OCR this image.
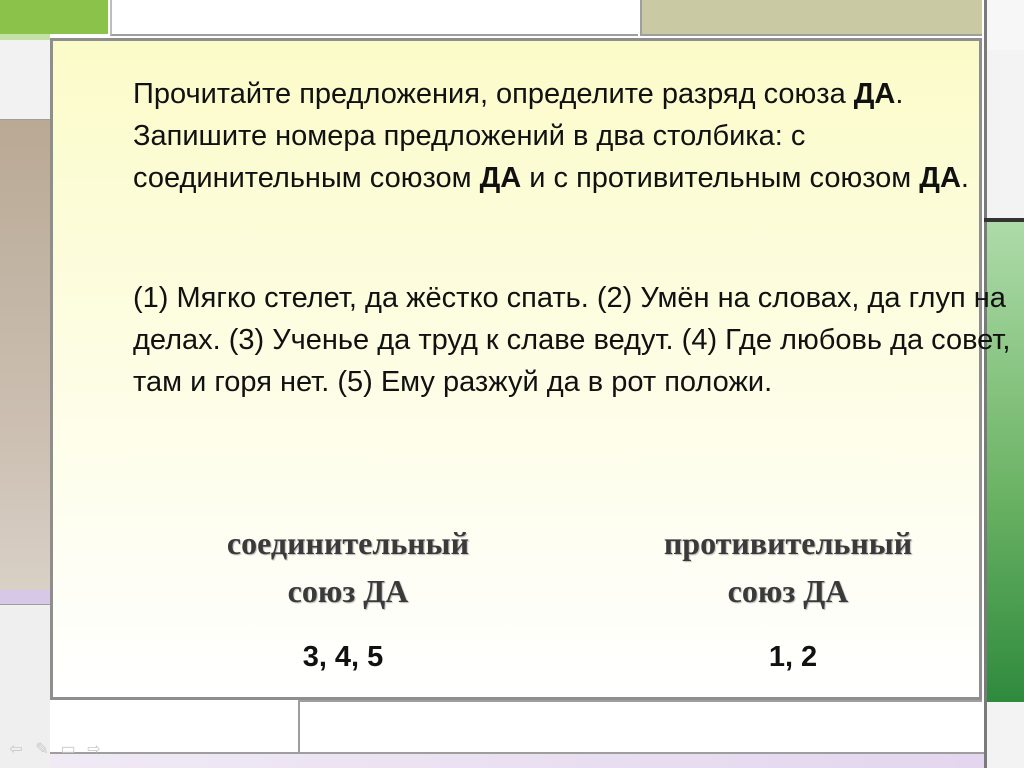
Прочитайте предложения, определите разряд союза ДА. Запишите номера предложений в два столбика: с соединительным союзом ДА и с противительным союзом ДА.
(1) Мягко стелет, да жёстко спать. (2) Умён на словах, да глуп на делах. (3) Ученье да труд к славе ведут. (4) Где любовь да совет, там и горя нет. (5) Ему разжуй да в рот положи.
соединительный
союз ДА
противительный
союз ДА
3, 4, 5	1, 2
⇦ ✎ ▭ ⇨
